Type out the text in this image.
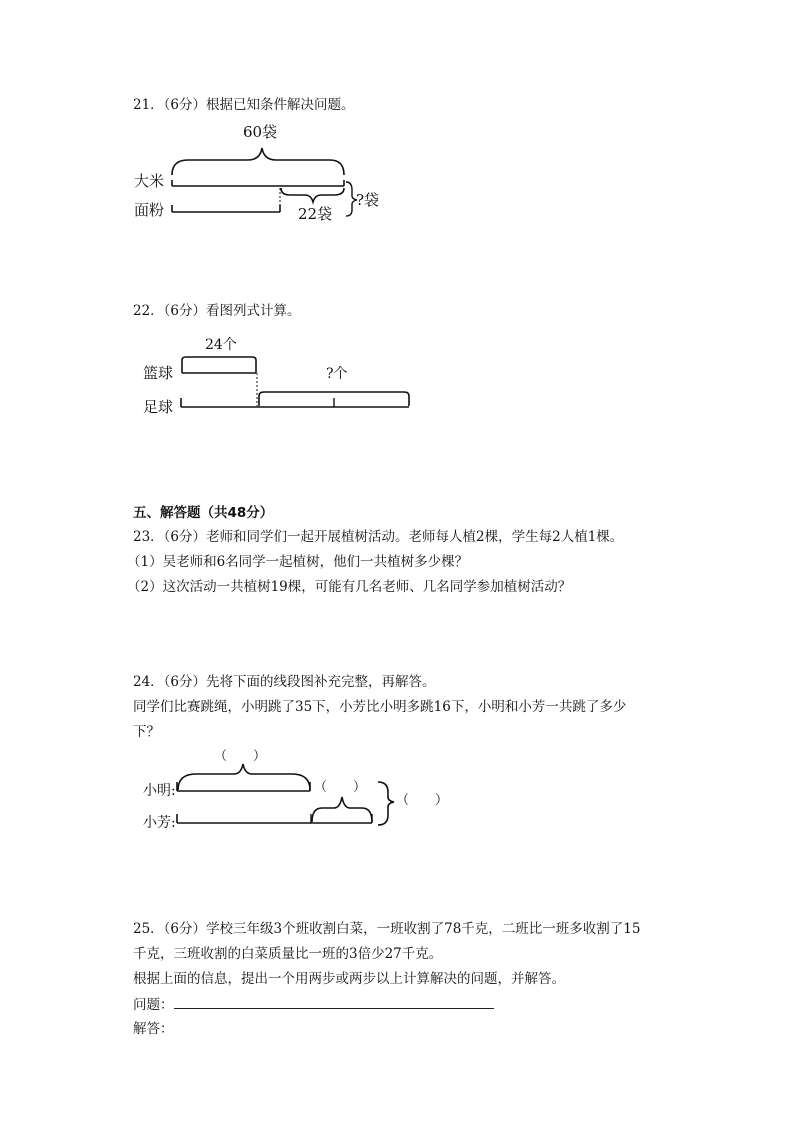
21．（6分）根据已知条件解决问题。
60袋
大米
面粉	22袋
?袋
22．（6分）看图列式计算。
24个
篮球	?个
足球
五、解答题（共48分）
23．（6分）老师和同学们一起开展植树活动。老师每人植2棵，学生每2人植1棵。
（1）吴老师和6名同学一起植树，他们一共植树多少棵？
（2）这次活动一共植树19棵，可能有几名老师、几名同学参加植树活动？
24．（6分）先将下面的线段图补充完整，再解答。
同学们比赛跳绳，小明跳了35下，小芳比小明多跳16下，小明和小芳一共跳了多少
下？
（　　）
小明:	（　　）
小芳:
（　　）
25．（6分）学校三年级3个班收割白菜，一班收割了78千克，二班比一班多收割了15
千克，三班收割的白菜质量比一班的3倍少27千克。
根据上面的信息，提出一个用两步或两步以上计算解决的问题，并解答。
问题：
解答：
